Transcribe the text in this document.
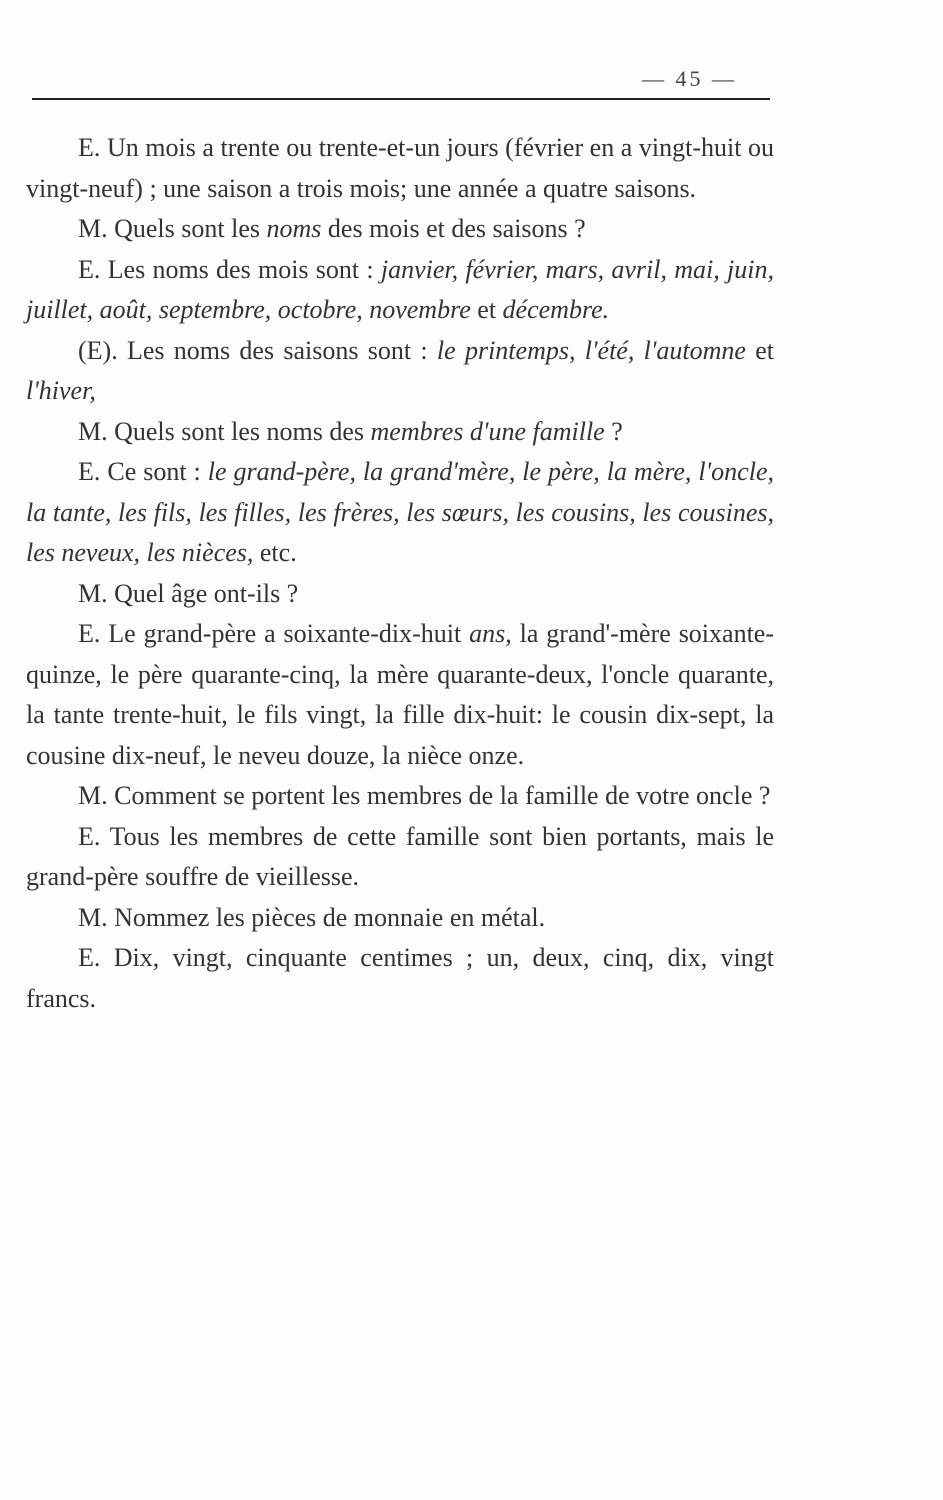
— 45 —

E. Un mois a trente ou trente-et-un jours (février en a vingt-huit ou vingt-neuf) ; une saison a trois mois; une année a quatre saisons.

M. Quels sont les noms des mois et des saisons ?

E. Les noms des mois sont : janvier, février, mars, avril, mai, juin, juillet, août, septembre, octobre, novembre et décembre.

(E). Les noms des saisons sont : le printemps, l'été, l'automne et l'hiver,

M. Quels sont les noms des membres d'une famille ?

E. Ce sont : le grand-père, la grand'mère, le père, la mère, l'oncle, la tante, les fils, les filles, les frères, les sœurs, les cousins, les cousines, les neveux, les nièces, etc.

M. Quel âge ont-ils ?

E. Le grand-père a soixante-dix-huit ans, la grand'-mère soixante-quinze, le père quarante-cinq, la mère quarante-deux, l'oncle quarante, la tante trente-huit, le fils vingt, la fille dix-huit: le cousin dix-sept, la cousine dix-neuf, le neveu douze, la nièce onze.

M. Comment se portent les membres de la famille de votre oncle ?

E. Tous les membres de cette famille sont bien portants, mais le grand-père souffre de vieillesse.

M. Nommez les pièces de monnaie en métal.

E. Dix, vingt, cinquante centimes ; un, deux, cinq, dix, vingt francs.
